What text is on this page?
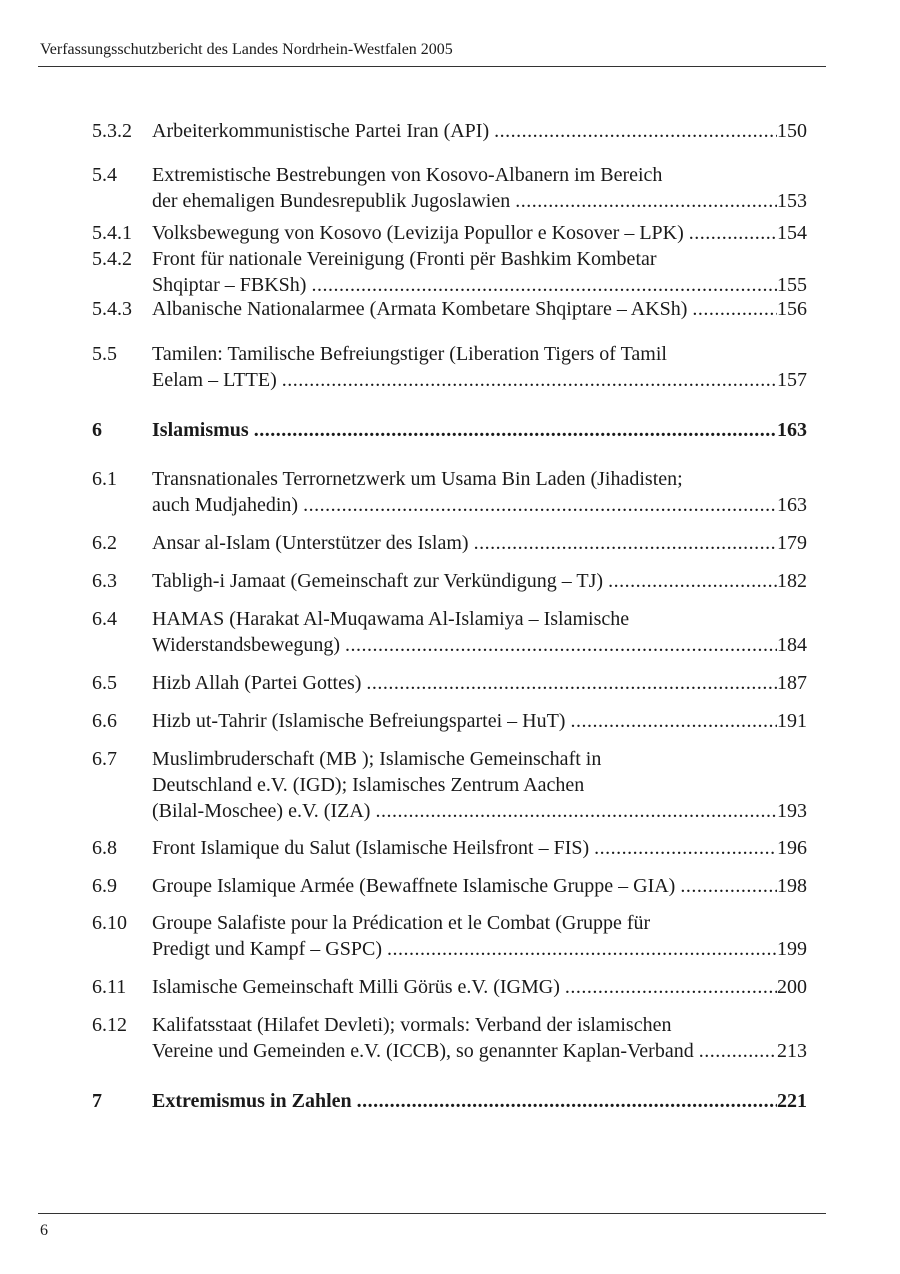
Verfassungsschutzbericht des Landes Nordrhein-Westfalen 2005
5.3.2 Arbeiterkommunistische Partei Iran (API) .....	150
5.4 Extremistische Bestrebungen von Kosovo-Albanern im Bereich
der ehemaligen Bundesrepublik Jugoslawien .....	153
5.4.1 Volksbewegung von Kosovo (Levizija Popullor e Kosover – LPK) .....	154
5.4.2 Front für nationale Vereinigung (Fronti për Bashkim Kombetar
Shqiptar – FBKSh) .....	155
5.4.3 Albanische Nationalarmee (Armata Kombetare Shqiptare – AKSh) .....	156
5.5 Tamilen: Tamilische Befreiungstiger (Liberation Tigers of Tamil
Eelam – LTTE) .....	157
6	Islamismus .....	163
6.1 Transnationales Terrornetzwerk um Usama Bin Laden (Jihadisten;
auch Mudjahedin) .....	163
6.2 Ansar al-Islam (Unterstützer des Islam) .....	179
6.3 Tabligh-i Jamaat (Gemeinschaft zur Verkündigung – TJ) .....	182
6.4 HAMAS (Harakat Al-Muqawama Al-Islamiya – Islamische
Widerstandsbewegung) .....	184
6.5 Hizb Allah (Partei Gottes) .....	187
6.6 Hizb ut-Tahrir (Islamische Befreiungspartei – HuT) .....	191
6.7 Muslimbruderschaft (MB ); Islamische Gemeinschaft in
Deutschland e.V. (IGD); Islamisches Zentrum Aachen
(Bilal-Moschee) e.V. (IZA) .....	193
6.8 Front Islamique du Salut (Islamische Heilsfront – FIS) .....	196
6.9 Groupe Islamique Armée (Bewaffnete Islamische Gruppe – GIA) .....	198
6.10 Groupe Salafiste pour la Prédication et le Combat (Gruppe für
Predigt und Kampf – GSPC) .....	199
6.11 Islamische Gemeinschaft Milli Görüs e.V. (IGMG) .....	200
6.12 Kalifatsstaat (Hilafet Devleti); vormals: Verband der islamischen
Vereine und Gemeinden e.V. (ICCB), so genannter Kaplan-Verband .....	213
7	Extremismus in Zahlen .....	221
6
